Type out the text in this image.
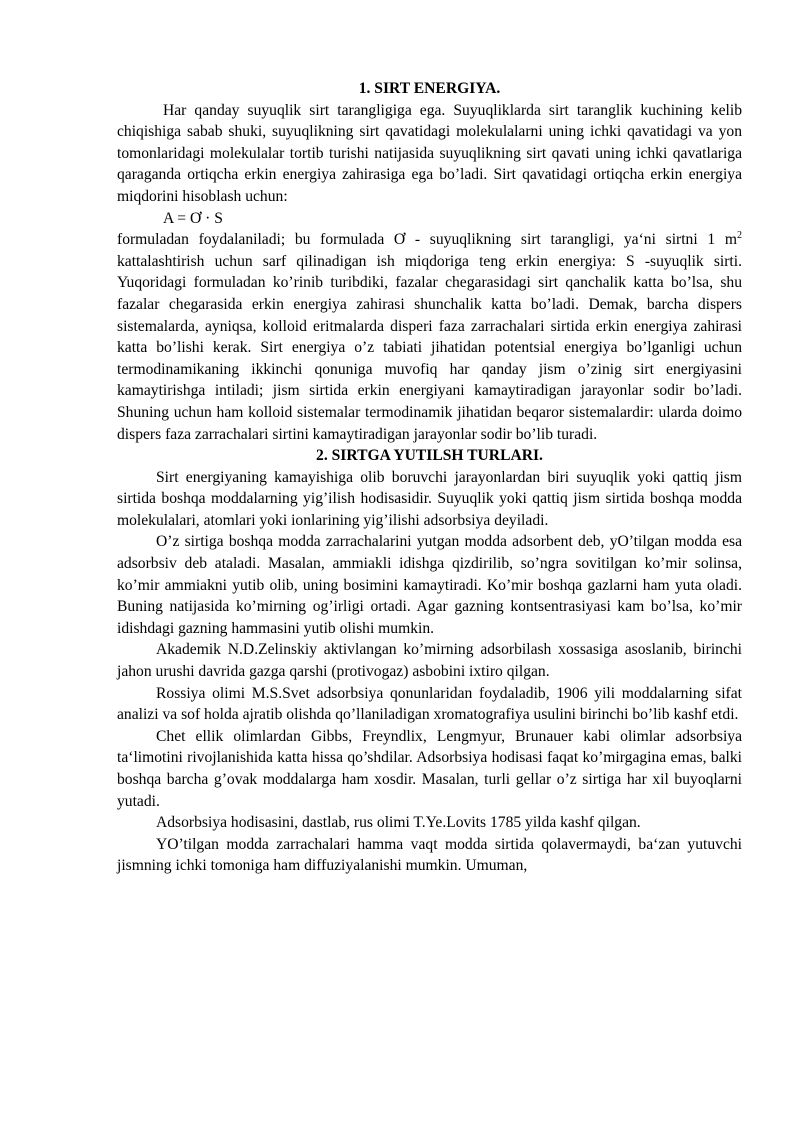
1. SIRT ENERGIYA.

Har qanday suyuqlik sirt tarangligiga ega. Suyuqliklarda sirt taranglik kuchining kelib chiqishiga sabab shuki, suyuqlikning sirt qavatidagi molekulalarni uning ichki qavatidagi va yon tomonlaridagi molekulalar tortib turishi natijasida suyuqlikning sirt qavati uning ichki qavatlariga qaraganda ortiqcha erkin energiya zahirasiga ega bo’ladi. Sirt qavatidagi ortiqcha erkin energiya miqdorini hisoblash uchun:

A = Ơ · S

formuladan foydalaniladi; bu formulada Ơ - suyuqlikning sirt tarangligi, ya‘ni sirtni 1 $m^2$ kattalashtirish uchun sarf qilinadigan ish miqdoriga teng erkin energiya: S -suyuqlik sirti. Yuqoridagi formuladan ko’rinib turibdiki, fazalar chegarasidagi sirt qanchalik katta bo’lsa, shu fazalar chegarasida erkin energiya zahirasi shunchalik katta bo’ladi. Demak, barcha dispers sistemalarda, ayniqsa, kolloid eritmalarda disperi faza zarrachalari sirtida erkin energiya zahirasi katta bo’lishi kerak. Sirt energiya o’z tabiati jihatidan potentsial energiya bo’lganligi uchun termodinamikaning ikkinchi qonuniga muvofiq har qanday jism o’zinig sirt energiyasini kamaytirishga intiladi; jism sirtida erkin energiyani kamaytiradigan jarayonlar sodir bo’ladi. Shuning uchun ham kolloid sistemalar termodinamik jihatidan beqaror sistemalardir: ularda doimo dispers faza zarrachalari sirtini kamaytiradigan jarayonlar sodir bo’lib turadi.

2. SIRTGA YUTILSH TURLARI.

Sirt energiyaning kamayishiga olib boruvchi jarayonlardan biri suyuqlik yoki qattiq jism sirtida boshqa moddalarning yig’ilish hodisasidir. Suyuqlik yoki qattiq jism sirtida boshqa modda molekulalari, atomlari yoki ionlarining yig’ilishi adsorbsiya deyiladi.

O’z sirtiga boshqa modda zarrachalarini yutgan modda adsorbent deb, yO’tilgan modda esa adsorbsiv deb ataladi. Masalan, ammiakli idishga qizdirilib, so’ngra sovitilgan ko’mir solinsa, ko’mir ammiakni yutib olib, uning bosimini kamaytiradi. Ko’mir boshqa gazlarni ham yuta oladi. Buning natijasida ko’mirning og’irligi ortadi. Agar gazning kontsentrasiyasi kam bo’lsa, ko’mir idishdagi gazning hammasini yutib olishi mumkin.

Akademik N.D.Zelinskiy aktivlangan ko’mirning adsorbilash xossasiga asoslanib, birinchi jahon urushi davrida gazga qarshi (protivogaz) asbobini ixtiro qilgan.

Rossiya olimi M.S.Svet adsorbsiya qonunlaridan foydaladib, 1906 yili moddalarning sifat analizi va sof holda ajratib olishda qo’llaniladigan xromatografiya usulini birinchi bo’lib kashf etdi.

Chet ellik olimlardan Gibbs, Freyndlix, Lengmyur, Brunauer kabi olimlar adsorbsiya ta‘limotini rivojlanishida katta hissa qo’shdilar. Adsorbsiya hodisasi faqat ko’mirgagina emas, balki boshqa barcha g’ovak moddalarga ham xosdir. Masalan, turli gellar o’z sirtiga har xil buyoqlarni yutadi.

Adsorbsiya hodisasini, dastlab, rus olimi T.Ye.Lovits 1785 yilda kashf qilgan.

YO’tilgan modda zarrachalari hamma vaqt modda sirtida qolavermaydi, ba‘zan yutuvchi jismning ichki tomoniga ham diffuziyalanishi mumkin. Umuman,
